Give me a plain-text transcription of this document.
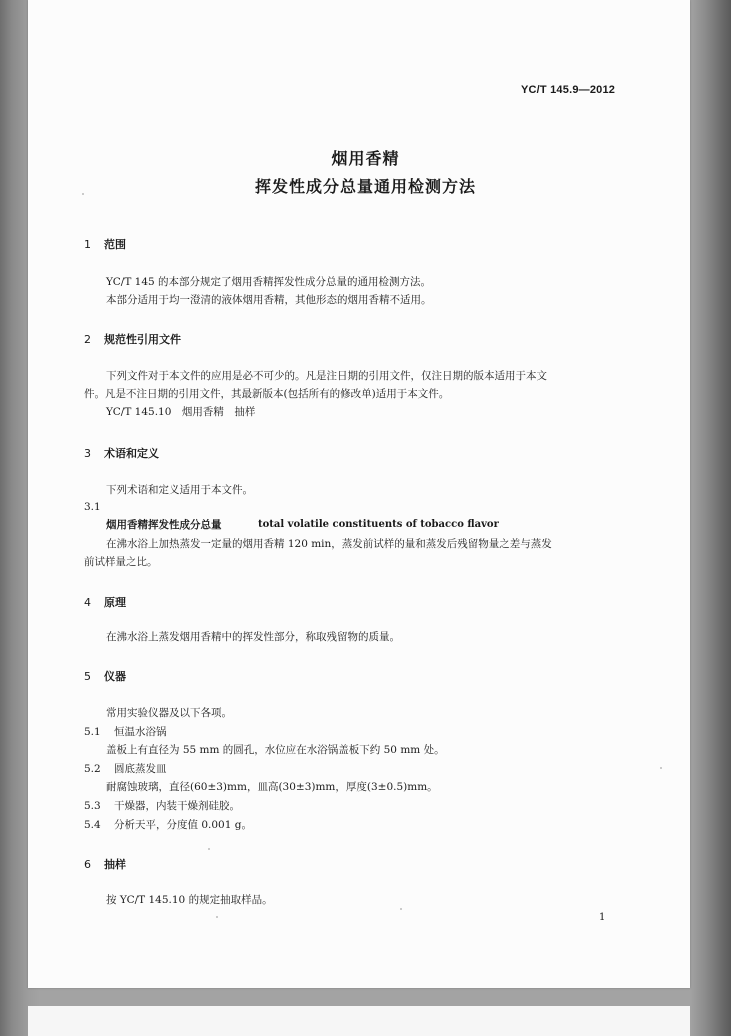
YC/T 145.9—2012
烟用香精
挥发性成分总量通用检测方法
1 范围
YC/T 145 的本部分规定了烟用香精挥发性成分总量的通用检测方法。
本部分适用于均一澄清的液体烟用香精，其他形态的烟用香精不适用。
2 规范性引用文件
下列文件对于本文件的应用是必不可少的。凡是注日期的引用文件，仅注日期的版本适用于本文
件。凡是不注日期的引用文件，其最新版本(包括所有的修改单)适用于本文件。
YC/T 145.10　烟用香精　抽样
3 术语和定义
下列术语和定义适用于本文件。
3.1
烟用香精挥发性成分总量	total volatile constituents of tobacco flavor
在沸水浴上加热蒸发一定量的烟用香精 120 min，蒸发前试样的量和蒸发后残留物量之差与蒸发
前试样量之比。
4 原理
在沸水浴上蒸发烟用香精中的挥发性部分，称取残留物的质量。
5 仪器
常用实验仪器及以下各项。
5.1 恒温水浴锅
盖板上有直径为 55 mm 的圆孔，水位应在水浴锅盖板下约 50 mm 处。
5.2 圆底蒸发皿
耐腐蚀玻璃，直径(60±3)mm，皿高(30±3)mm，厚度(3±0.5)mm。
5.3 干燥器，内装干燥剂硅胶。
5.4 分析天平，分度值 0.001 g。
6 抽样
按 YC/T 145.10 的规定抽取样品。
1
